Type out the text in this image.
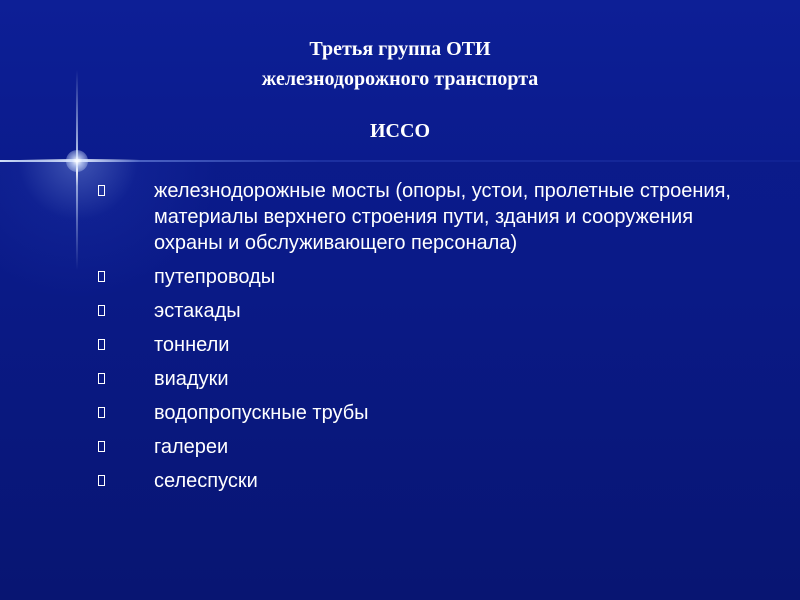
Третья группа ОТИ
железнодорожного транспорта
ИССО
железнодорожные мосты (опоры, устои, пролетные строения, материалы верхнего строения пути, здания и сооружения охраны и обслуживающего персонала)
путепроводы
эстакады
тоннели
виадуки
водопропускные трубы
галереи
селеспуски
